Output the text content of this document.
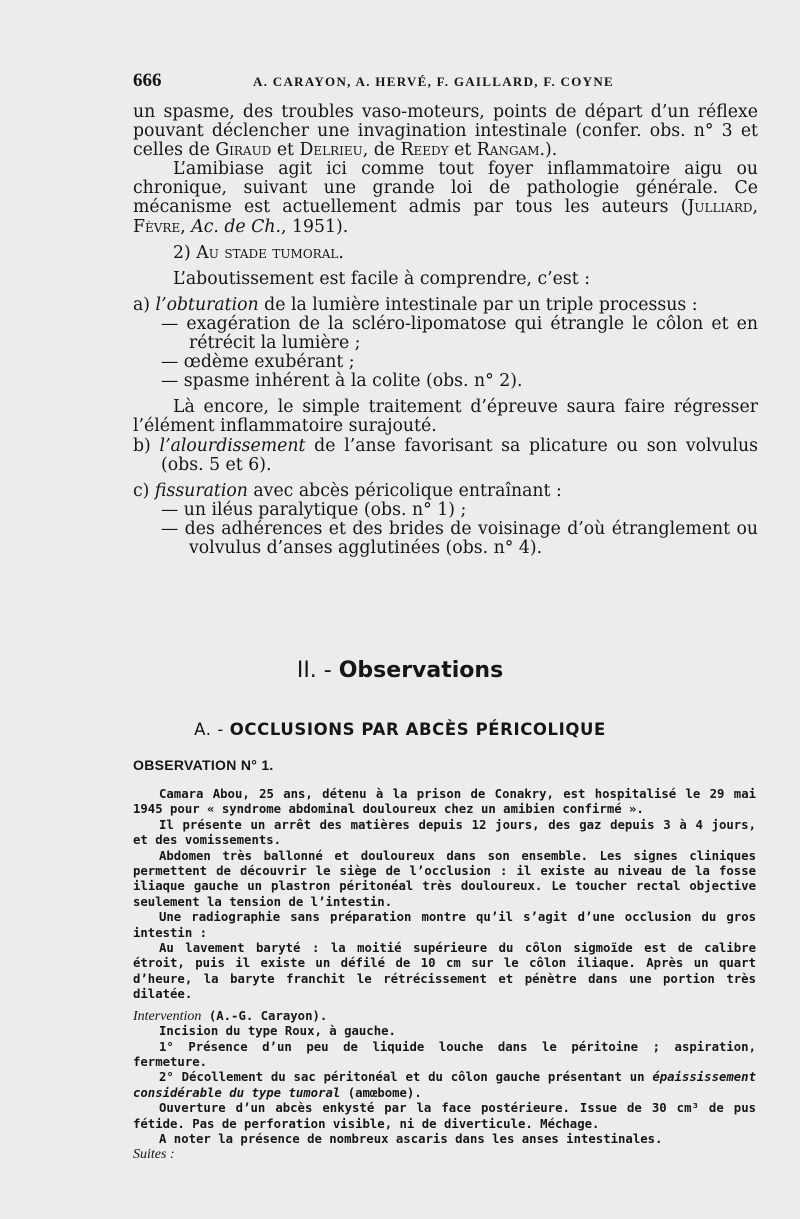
666	A. CARAYON, A. HERVÉ, F. GAILLARD, F. COYNE

un spasme, des troubles vaso-moteurs, points de départ d’un réflexe pouvant déclencher une invagination intestinale (confer. obs. n° 3 et celles de Giraud et Delrieu, de Reedy et Rangam.).

L’amibiase agit ici comme tout foyer inflammatoire aigu ou chronique, suivant une grande loi de pathologie générale. Ce mécanisme est actuellement admis par tous les auteurs (Julliard, Fèvre, Ac. de Ch., 1951).

2) Au stade tumoral.

L’aboutissement est facile à comprendre, c’est :

a) l’obturation de la lumière intestinale par un triple processus :

— exagération de la scléro-lipomatose qui étrangle le côlon et en rétrécit la lumière ;

— œdème exubérant ;

— spasme inhérent à la colite (obs. n° 2).

Là encore, le simple traitement d’épreuve saura faire régresser l’élément inflammatoire surajouté.

b) l’alourdissement de l’anse favorisant sa plicature ou son volvulus (obs. 5 et 6).

c) fissuration avec abcès péricolique entraînant :

— un iléus paralytique (obs. n° 1) ;

— des adhérences et des brides de voisinage d’où étranglement ou volvulus d’anses agglutinées (obs. n° 4).

II. - Observations
A. - OCCLUSIONS PAR ABCÈS PÉRICOLIQUE
OBSERVATION N° 1.

Camara Abou, 25 ans, détenu à la prison de Conakry, est hospitalisé le 29 mai 1945 pour « syndrome abdominal douloureux chez un amibien confirmé ».

Il présente un arrêt des matières depuis 12 jours, des gaz depuis 3 à 4 jours, et des vomissements.

Abdomen très ballonné et douloureux dans son ensemble. Les signes cliniques permettent de découvrir le siège de l’occlusion : il existe au niveau de la fosse iliaque gauche un plastron péritonéal très douloureux. Le toucher rectal objective seulement la tension de l’intestin.

Une radiographie sans préparation montre qu’il s’agit d’une occlusion du gros intestin :

Au lavement baryté : la moitié supérieure du côlon sigmoïde est de calibre étroit, puis il existe un défilé de 10 cm sur le côlon iliaque. Après un quart d’heure, la baryte franchit le rétrécissement et pénètre dans une portion très dilatée.

Intervention (A.-G. Carayon).

Incision du type Roux, à gauche.

1° Présence d’un peu de liquide louche dans le péritoine ; aspiration, fermeture.

2° Décollement du sac péritonéal et du côlon gauche présentant un épaississement considérable du type tumoral (amœbome).

Ouverture d’un abcès enkysté par la face postérieure. Issue de 30 cm³ de pus fétide. Pas de perforation visible, ni de diverticule. Méchage.

A noter la présence de nombreux ascaris dans les anses intestinales.

Suites :
